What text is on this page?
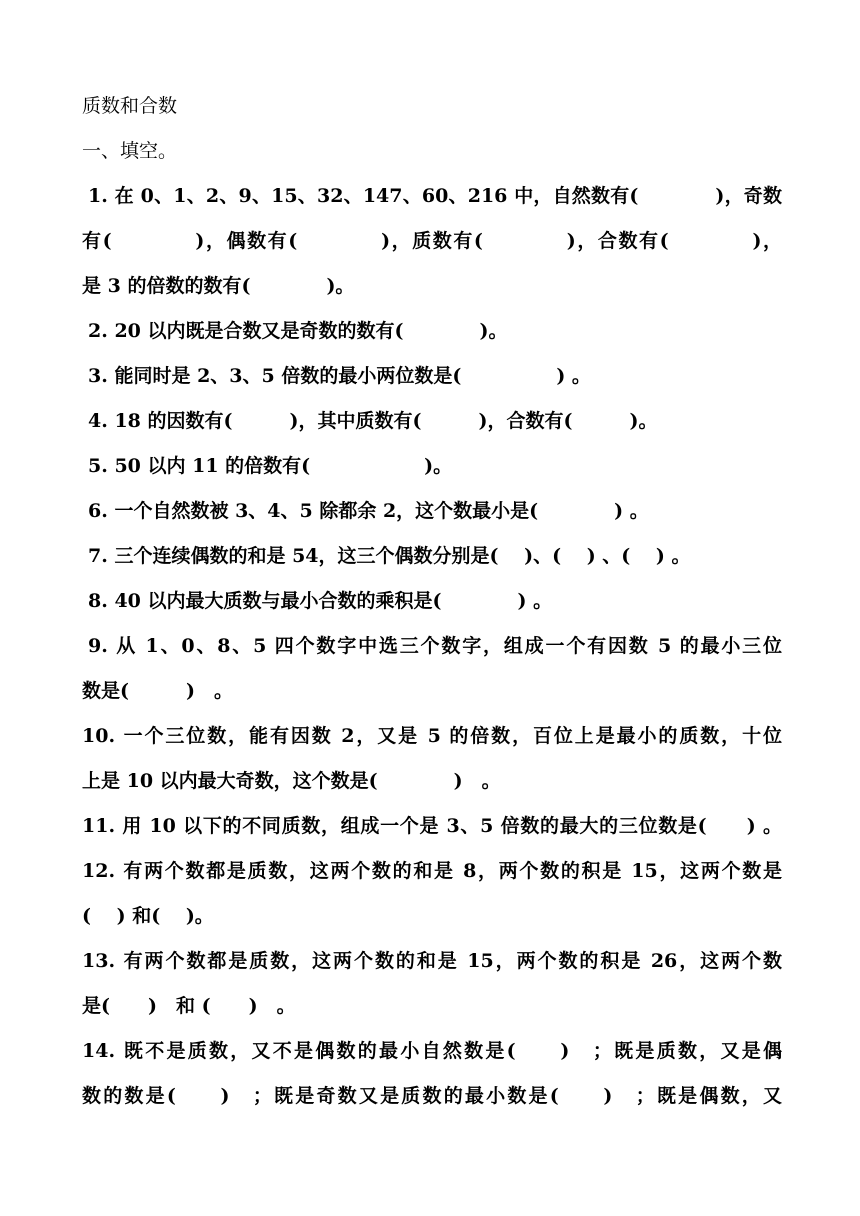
质数和合数
一、填空。
1. 在 0、1、2、9、15、32、147、60、216 中，自然数有(　　　　)，奇数
有(　　　　)，偶数有(　　　　)，质数有(　　　　)，合数有(　　　　)，
是 3 的倍数的数有(　　　　)。
2. 20 以内既是合数又是奇数的数有(　　　　)。
3. 能同时是 2、3、5 倍数的最小两位数是(　　　　　) 。
4. 18 的因数有(　　　)，其中质数有(　　　)，合数有(　　　)。
5. 50 以内 11 的倍数有(　　　　　　)。
6. 一个自然数被 3、4、5 除都余 2，这个数最小是(　　　　) 。
7. 三个连续偶数的和是 54，这三个偶数分别是(　 )、(　 ) 、(　 ) 。
8. 40 以内最大质数与最小合数的乘积是(　　　　) 。
9. 从 1、0、8、5 四个数字中选三个数字，组成一个有因数 5 的最小三位
数是(　　　)　。
10. 一个三位数，能有因数 2，又是 5 的倍数，百位上是最小的质数，十位
上是 10 以内最大奇数，这个数是(　　　　)　。
11. 用 10 以下的不同质数，组成一个是 3、5 倍数的最大的三位数是(　　) 。
12. 有两个数都是质数，这两个数的和是 8，两个数的积是 15，这两个数是
(　 ) 和(　 )。
13. 有两个数都是质数，这两个数的和是 15，两个数的积是 26，这两个数
是(　　)　和 (　　)　。
14. 既不是质数，又不是偶数的最小自然数是(　　)　；既是质数，又是偶
数的数是(　　)　；既是奇数又是质数的最小数是(　　)　；既是偶数，又
